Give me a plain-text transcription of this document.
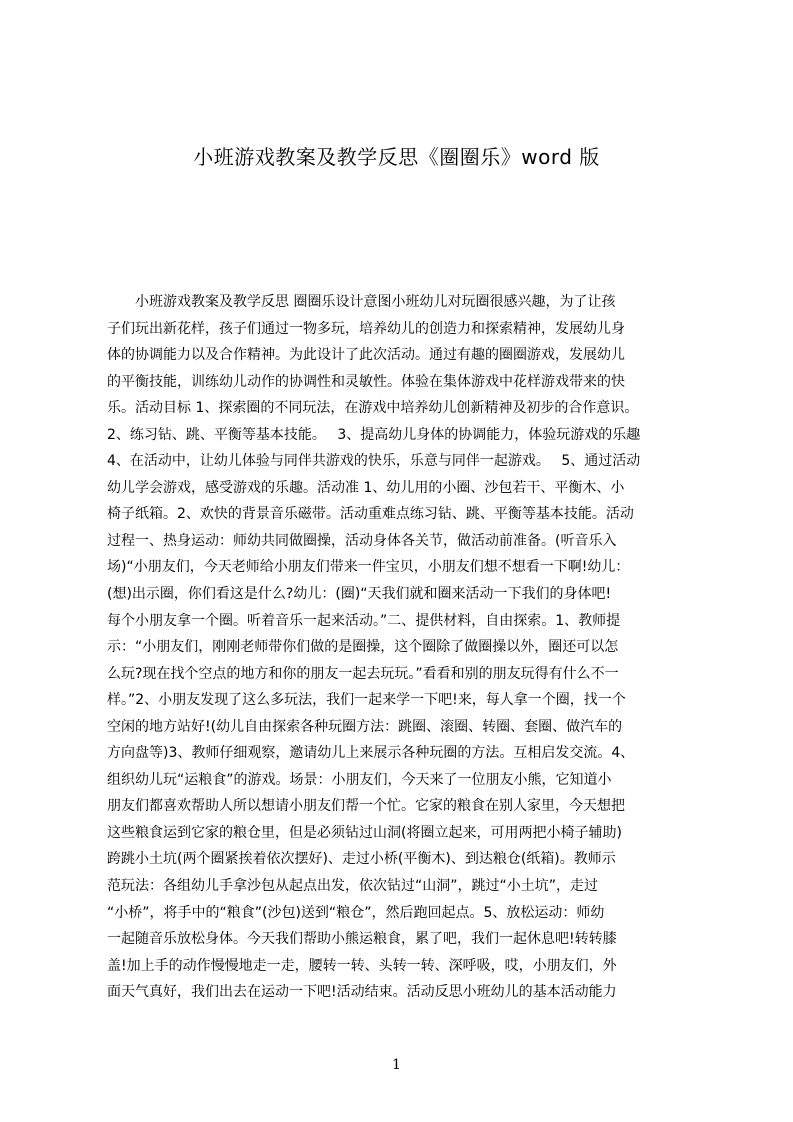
小班游戏教案及教学反思《圈圈乐》word 版
　　小班游戏教案及教学反思 圈圈乐设计意图小班幼儿对玩圈很感兴趣，为了让孩
子们玩出新花样，孩子们通过一物多玩，培养幼儿的创造力和探索精神，发展幼儿身
体的协调能力以及合作精神。为此设计了此次活动。通过有趣的圈圈游戏，发展幼儿
的平衡技能，训练幼儿动作的协调性和灵敏性。体验在集体游戏中花样游戏带来的快
乐。活动目标 1、探索圈的不同玩法，在游戏中培养幼儿创新精神及初步的合作意识。
2、练习钻、跳、平衡等基本技能。　 3、提高幼儿身体的协调能力，体验玩游戏的乐趣
4、在活动中，让幼儿体验与同伴共游戏的快乐，乐意与同伴一起游戏。　 5、通过活动
幼儿学会游戏，感受游戏的乐趣。活动准 1、幼儿用的小圈、沙包若干、平衡木、小
椅子纸箱。2、欢快的背景音乐磁带。活动重难点练习钻、跳、平衡等基本技能。活动
过程一、热身运动：师幼共同做圈操，活动身体各关节，做活动前准备。(听音乐入
场)“小朋友们，今天老师给小朋友们带来一件宝贝，小朋友们想不想看一下啊!幼儿：
(想)出示圈，你们看这是什么?幼儿：(圈)“天我们就和圈来活动一下我们的身体吧!
每个小朋友拿一个圈。听着音乐一起来活动。”二、提供材料，自由探索。1、教师提
示：“小朋友们，刚刚老师带你们做的是圈操，这个圈除了做圈操以外，圈还可以怎
么玩?现在找个空点的地方和你的朋友一起去玩玩。”看看和别的朋友玩得有什么不一
样。”2、小朋友发现了这么多玩法，我们一起来学一下吧!来，每人拿一个圈，找一个
空闲的地方站好!(幼儿自由探索各种玩圈方法：跳圈、滚圈、转圈、套圈、做汽车的
方向盘等)3、教师仔细观察，邀请幼儿上来展示各种玩圈的方法。互相启发交流。4、
组织幼儿玩“运粮食”的游戏。场景：小朋友们，今天来了一位朋友小熊，它知道小
朋友们都喜欢帮助人所以想请小朋友们帮一个忙。它家的粮食在别人家里，今天想把
这些粮食运到它家的粮仓里，但是必须钻过山洞(将圈立起来，可用两把小椅子辅助)
跨跳小土坑(两个圈紧挨着依次摆好)、走过小桥(平衡木)、到达粮仓(纸箱)。教师示
范玩法：各组幼儿手拿沙包从起点出发，依次钻过“山洞”，跳过“小土坑”，走过
“小桥”，将手中的“粮食”(沙包)送到“粮仓”，然后跑回起点。5、放松运动：师幼
一起随音乐放松身体。今天我们帮助小熊运粮食，累了吧，我们一起休息吧!转转膝
盖!加上手的动作慢慢地走一走，腰转一转、头转一转、深呼吸，哎，小朋友们，外
面天气真好，我们出去在运动一下吧!活动结束。活动反思小班幼儿的基本活动能力
1
